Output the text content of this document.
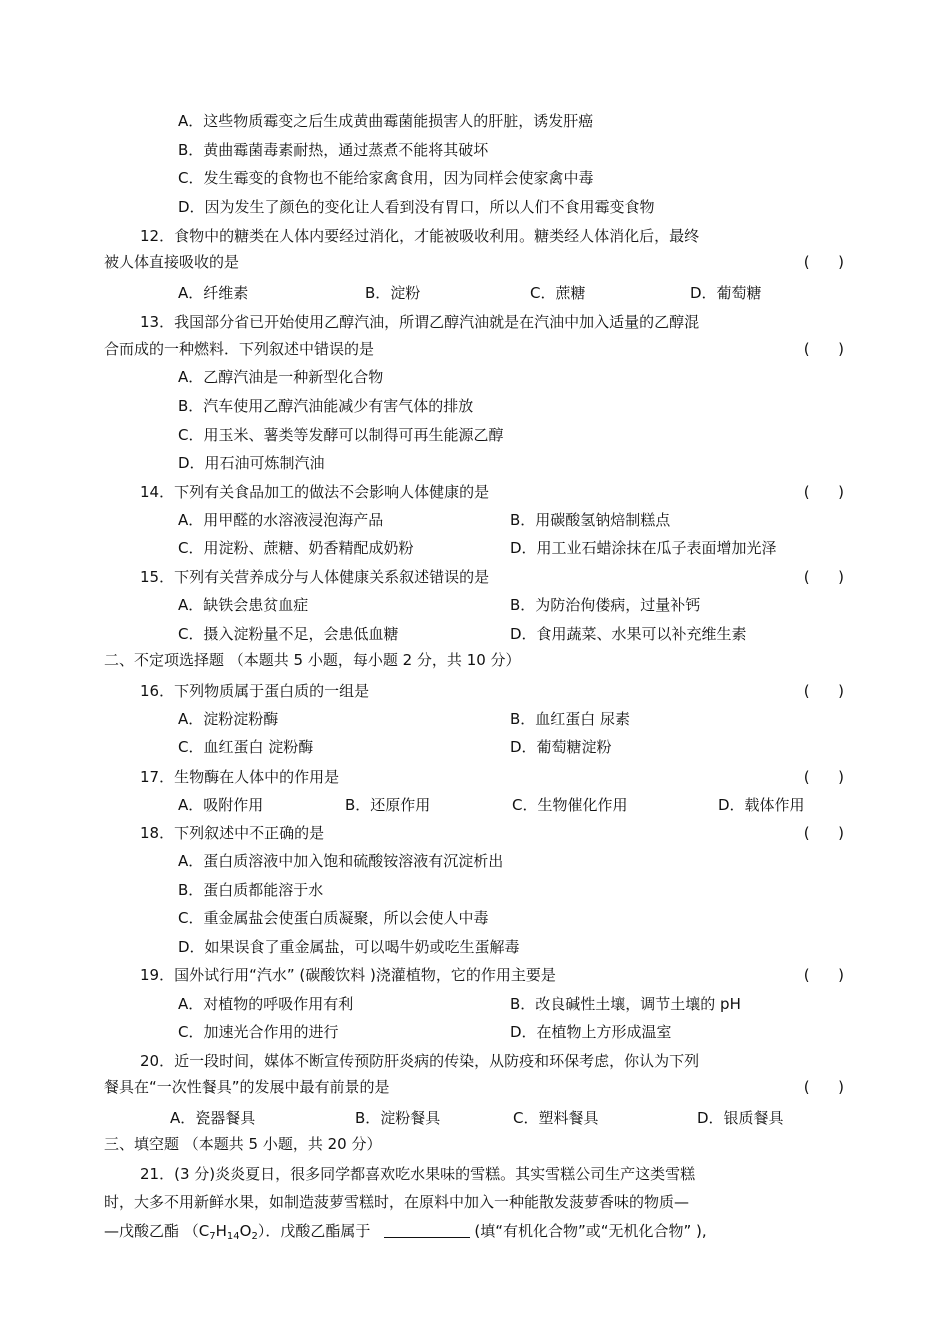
A．这些物质霉变之后生成黄曲霉菌能损害人的肝脏，诱发肝癌
B．黄曲霉菌毒素耐热，通过蒸煮不能将其破坏
C．发生霉变的食物也不能给家禽食用，因为同样会使家禽中毒
D．因为发生了颜色的变化让人看到没有胃口，所以人们不食用霉变食物
12．食物中的糖类在人体内要经过消化，才能被吸收利用。糖类经人体消化后，最终
被人体直接吸收的是	(      )
A．纤维素	B．淀粉	C．蔗糖	D．葡萄糖
13．我国部分省已开始使用乙醇汽油，所谓乙醇汽油就是在汽油中加入适量的乙醇混
合而成的一种燃料．下列叙述中错误的是	(      )
A．乙醇汽油是一种新型化合物
B．汽车使用乙醇汽油能减少有害气体的排放
C．用玉米、薯类等发酵可以制得可再生能源乙醇
D．用石油可炼制汽油
14．下列有关食品加工的做法不会影响人体健康的是	(      )
A．用甲醛的水溶液浸泡海产品	B．用碳酸氢钠焙制糕点
C．用淀粉、蔗糖、奶香精配成奶粉	D．用工业石蜡涂抹在瓜子表面增加光泽
15．下列有关营养成分与人体健康关系叙述错误的是	(      )
A．缺铁会患贫血症	B．为防治佝偻病，过量补钙
C．摄入淀粉量不足，会患低血糖	D．食用蔬菜、水果可以补充维生素
二、不定项选择题 （本题共 5 小题，每小题 2 分，共 10 分）
16．下列物质属于蛋白质的一组是	(      )
A．淀粉淀粉酶	B．血红蛋白 尿素
C．血红蛋白 淀粉酶	D．葡萄糖淀粉
17．生物酶在人体中的作用是	(      )
A．吸附作用	B．还原作用	C．生物催化作用	D．载体作用
18．下列叙述中不正确的是	(      )
A．蛋白质溶液中加入饱和硫酸铵溶液有沉淀析出
B．蛋白质都能溶于水
C．重金属盐会使蛋白质凝聚，所以会使人中毒
D．如果误食了重金属盐，可以喝牛奶或吃生蛋解毒
19．国外试行用“汽水” (碳酸饮料 )浇灌植物，它的作用主要是	(      )
A．对植物的呼吸作用有利	B．改良碱性土壤，调节土壤的 pH
C．加速光合作用的进行	D．在植物上方形成温室
20．近一段时间，媒体不断宣传预防肝炎病的传染，从防疫和环保考虑，你认为下列
餐具在“一次性餐具”的发展中最有前景的是	(      )
A．瓷器餐具	B．淀粉餐具	C．塑料餐具	D．银质餐具
三、填空题 （本题共 5 小题，共 20 分）
21．(3 分)炎炎夏日，很多同学都喜欢吃水果味的雪糕。其实雪糕公司生产这类雪糕
时，大多不用新鲜水果，如制造菠萝雪糕时，在原料中加入一种能散发菠萝香味的物质—
—戊酸乙酯 $(C_7H_{14}O_2)$．戊酸乙酯属于	(填“有机化合物”或“无机化合物” ),
